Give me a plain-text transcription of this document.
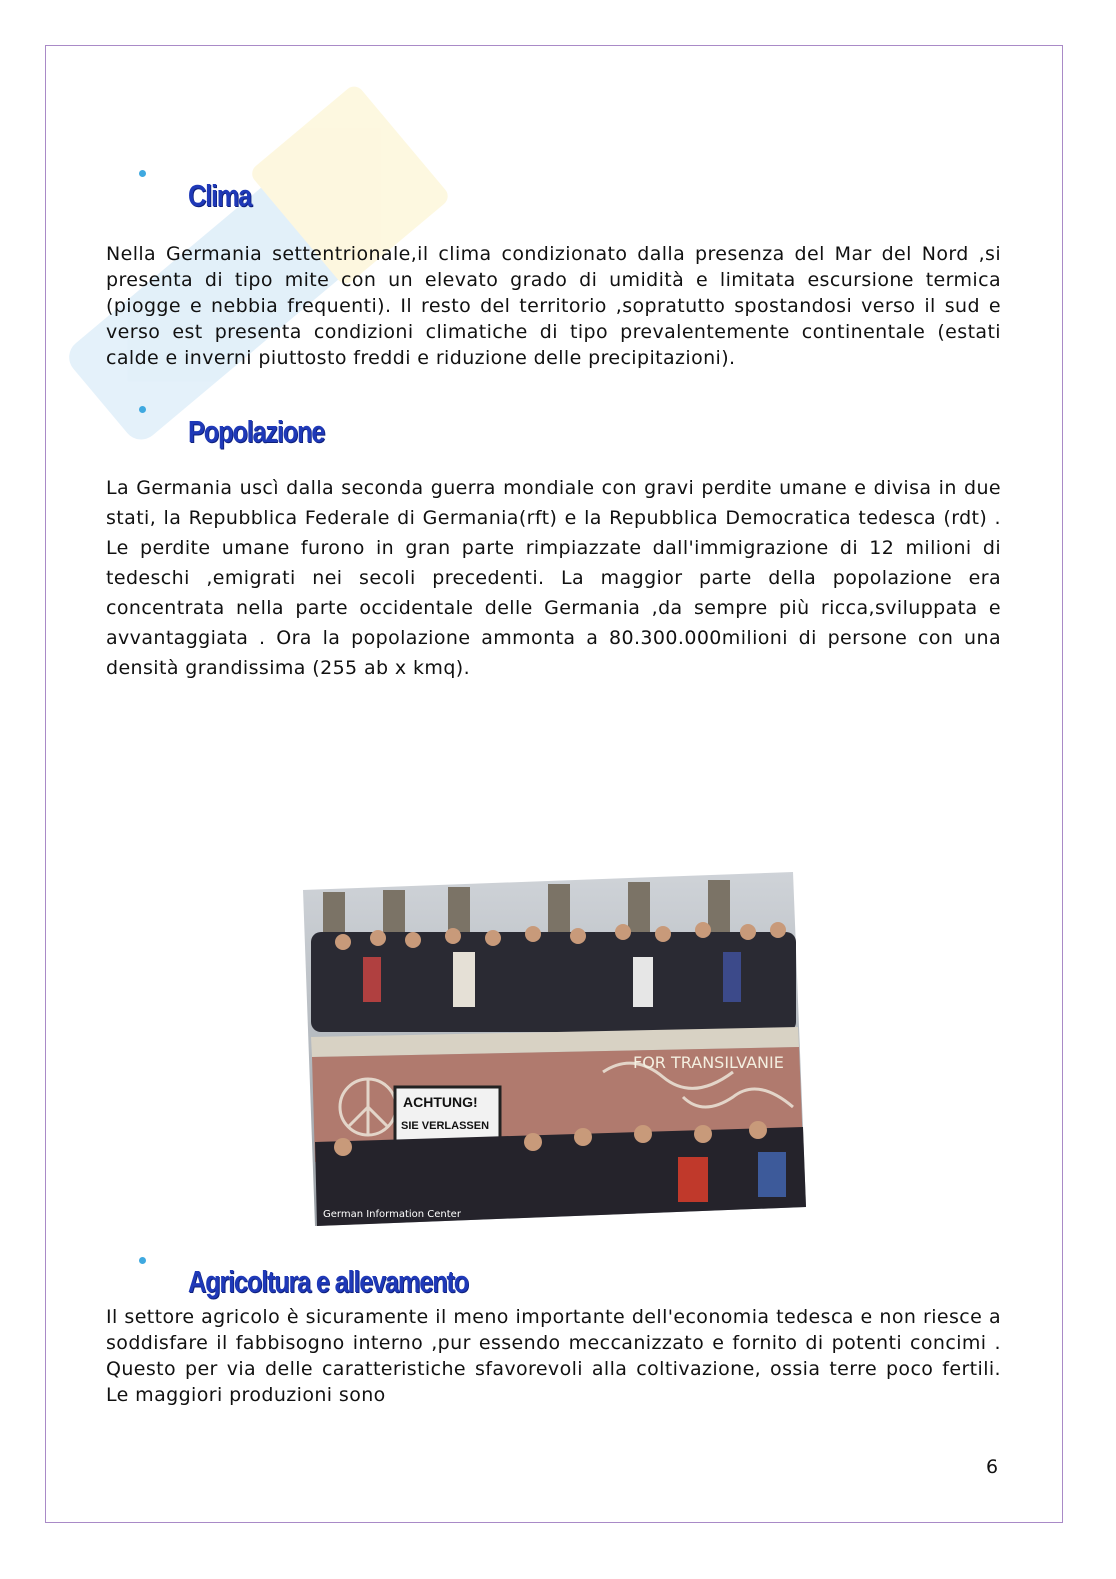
Clima

Nella Germania settentrionale,il clima condizionato dalla presenza del Mar del Nord ,si presenta di tipo mite con un elevato grado di umidità e limitata escursione termica (piogge e nebbia frequenti). Il resto del territorio ,sopratutto spostandosi verso il sud e verso est presenta condizioni climatiche di tipo prevalentemente continentale (estati calde e inverni piuttosto freddi e riduzione delle precipitazioni).

Popolazione

La Germania uscì dalla seconda guerra mondiale con gravi perdite umane e divisa in due stati, la Repubblica Federale di Germania(rft) e la Repubblica Democratica tedesca (rdt) . Le perdite umane furono in gran parte rimpiazzate dall'immigrazione di 12 milioni di tedeschi ,emigrati nei secoli precedenti. La maggior parte della popolazione era concentrata nella parte occidentale delle Germania ,da sempre più ricca,sviluppata e avvantaggiata . Ora la popolazione ammonta a 80.300.000milioni di persone con una densità grandissima (255 ab x kmq).

FOR TRANSILVANIE
ACHTUNG!
SIE VERLASSEN
German Information Center
Agricoltura e allevamento

Il settore agricolo è sicuramente il meno importante dell'economia tedesca e non riesce a soddisfare il fabbisogno interno ,pur essendo meccanizzato e fornito di potenti concimi . Questo per via delle caratteristiche sfavorevoli alla coltivazione, ossia terre poco fertili. Le maggiori produzioni sono

6
